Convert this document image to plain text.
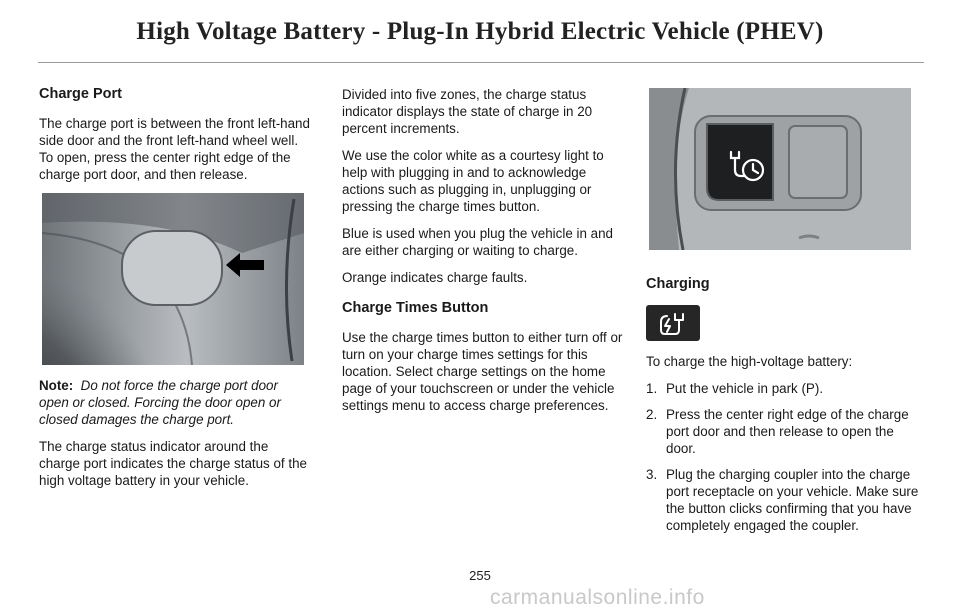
High Voltage Battery - Plug-In Hybrid Electric Vehicle (PHEV)
Charge Port

The charge port is between the front left-hand side door and the front left-hand wheel well. To open, press the center right edge of the charge port door, and then release.

Note: Do not force the charge port door open or closed. Forcing the door open or closed damages the charge port.

The charge status indicator around the charge port indicates the charge status of the high voltage battery in your vehicle.

Divided into five zones, the charge status indicator displays the state of charge in 20 percent increments.

We use the color white as a courtesy light to help with plugging in and to acknowledge actions such as plugging in, unplugging or pressing the charge times button.

Blue is used when you plug the vehicle in and are either charging or waiting to charge.

Orange indicates charge faults.

Charge Times Button

Use the charge times button to either turn off or turn on your charge times settings for this location. Select charge settings on the home page of your touchscreen or under the vehicle settings menu to access charge preferences.

Charging

To charge the high-voltage battery:

1. Put the vehicle in park (P).
2. Press the center right edge of the charge port door and then release to open the door.
3. Plug the charging coupler into the charge port receptacle on your vehicle. Make sure the button clicks confirming that you have completely engaged the coupler.
255
carmanualsonline.info
